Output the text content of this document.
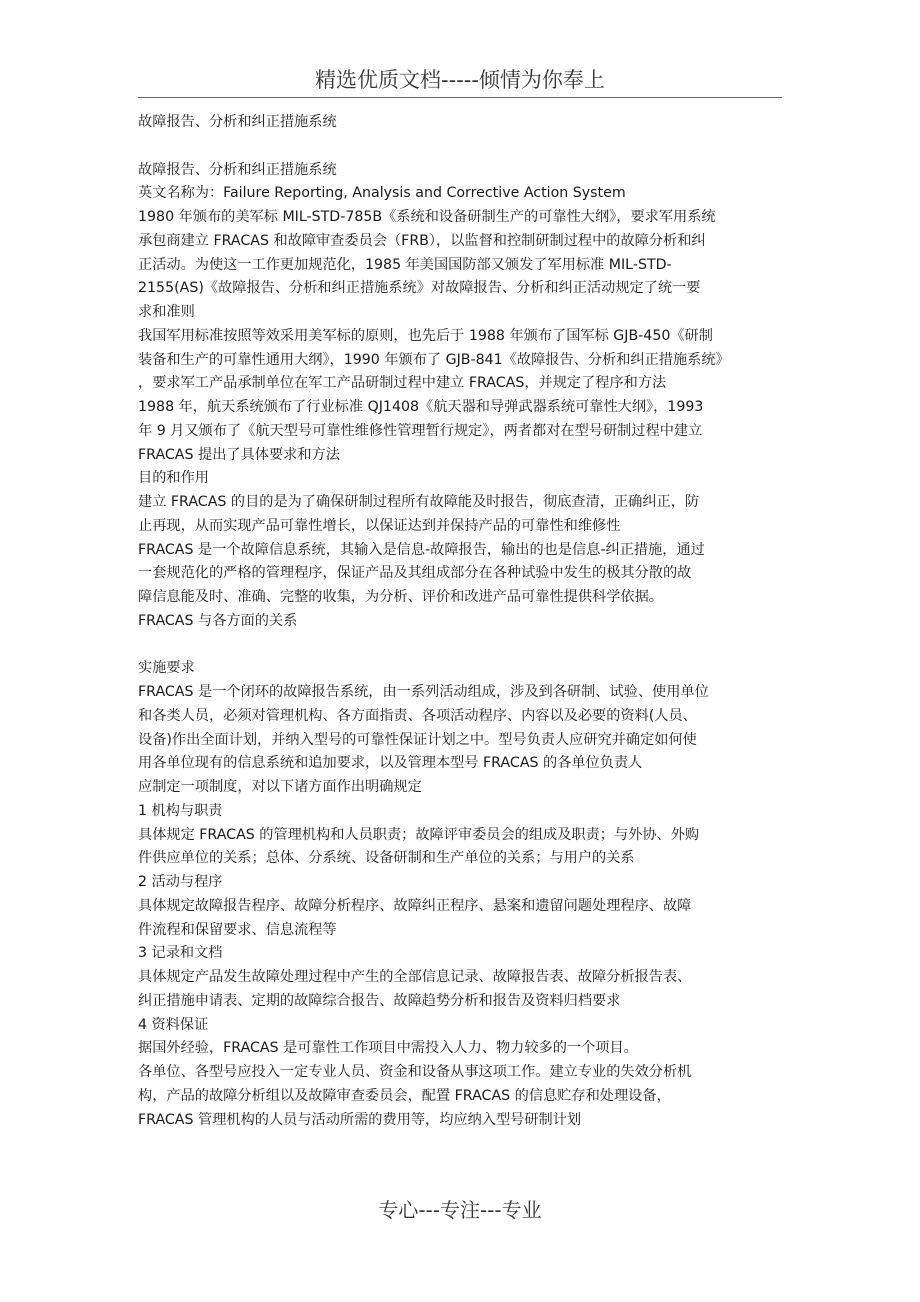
精选优质文档-----倾情为你奉上
故障报告、分析和纠正措施系统
故障报告、分析和纠正措施系统
英文名称为：Failure Reporting, Analysis and Corrective Action System
1980 年颁布的美军标 MIL-STD-785B《系统和设备研制生产的可靠性大纲》，要求军用系统
承包商建立 FRACAS 和故障审查委员会（FRB），以监督和控制研制过程中的故障分析和纠
正活动。为使这一工作更加规范化，1985 年美国国防部又颁发了军用标准 MIL-STD-
2155(AS)《故障报告、分析和纠正措施系统》对故障报告、分析和纠正活动规定了统一要
求和准则
我国军用标准按照等效采用美军标的原则，也先后于 1988 年颁布了国军标 GJB-450《研制
装备和生产的可靠性通用大纲》，1990 年颁布了 GJB-841《故障报告、分析和纠正措施系统》
，要求军工产品承制单位在军工产品研制过程中建立 FRACAS，并规定了程序和方法
1988 年，航天系统颁布了行业标准 QJ1408《航天器和导弹武器系统可靠性大纲》，1993
年 9 月又颁布了《航天型号可靠性维修性管理暂行规定》，两者都对在型号研制过程中建立
FRACAS 提出了具体要求和方法
目的和作用
建立 FRACAS 的目的是为了确保研制过程所有故障能及时报告，彻底查清，正确纠正，防
止再现，从而实现产品可靠性增长，以保证达到并保持产品的可靠性和维修性
FRACAS 是一个故障信息系统，其输入是信息-故障报告，输出的也是信息-纠正措施，通过
一套规范化的严格的管理程序，保证产品及其组成部分在各种试验中发生的极其分散的故
障信息能及时、准确、完整的收集，为分析、评价和改进产品可靠性提供科学依据。
FRACAS 与各方面的关系
实施要求
FRACAS 是一个闭环的故障报告系统，由一系列活动组成，涉及到各研制、试验、使用单位
和各类人员，必须对管理机构、各方面指责、各项活动程序、内容以及必要的资料(人员、
设备)作出全面计划，并纳入型号的可靠性保证计划之中。型号负责人应研究并确定如何使
用各单位现有的信息系统和追加要求，以及管理本型号 FRACAS 的各单位负责人
应制定一项制度，对以下诸方面作出明确规定
1 机构与职责
具体规定 FRACAS 的管理机构和人员职责；故障评审委员会的组成及职责；与外协、外购
件供应单位的关系；总体、分系统、设备研制和生产单位的关系；与用户的关系
2 活动与程序
具体规定故障报告程序、故障分析程序、故障纠正程序、悬案和遗留问题处理程序、故障
件流程和保留要求、信息流程等
3 记录和文档
具体规定产品发生故障处理过程中产生的全部信息记录、故障报告表、故障分析报告表、
纠正措施申请表、定期的故障综合报告、故障趋势分析和报告及资料归档要求
4 资料保证
据国外经验，FRACAS 是可靠性工作项目中需投入人力、物力较多的一个项目。
各单位、各型号应投入一定专业人员、资金和设备从事这项工作。建立专业的失效分析机
构，产品的故障分析组以及故障审查委员会，配置 FRACAS 的信息贮存和处理设备，
FRACAS 管理机构的人员与活动所需的费用等，均应纳入型号研制计划
专心---专注---专业
